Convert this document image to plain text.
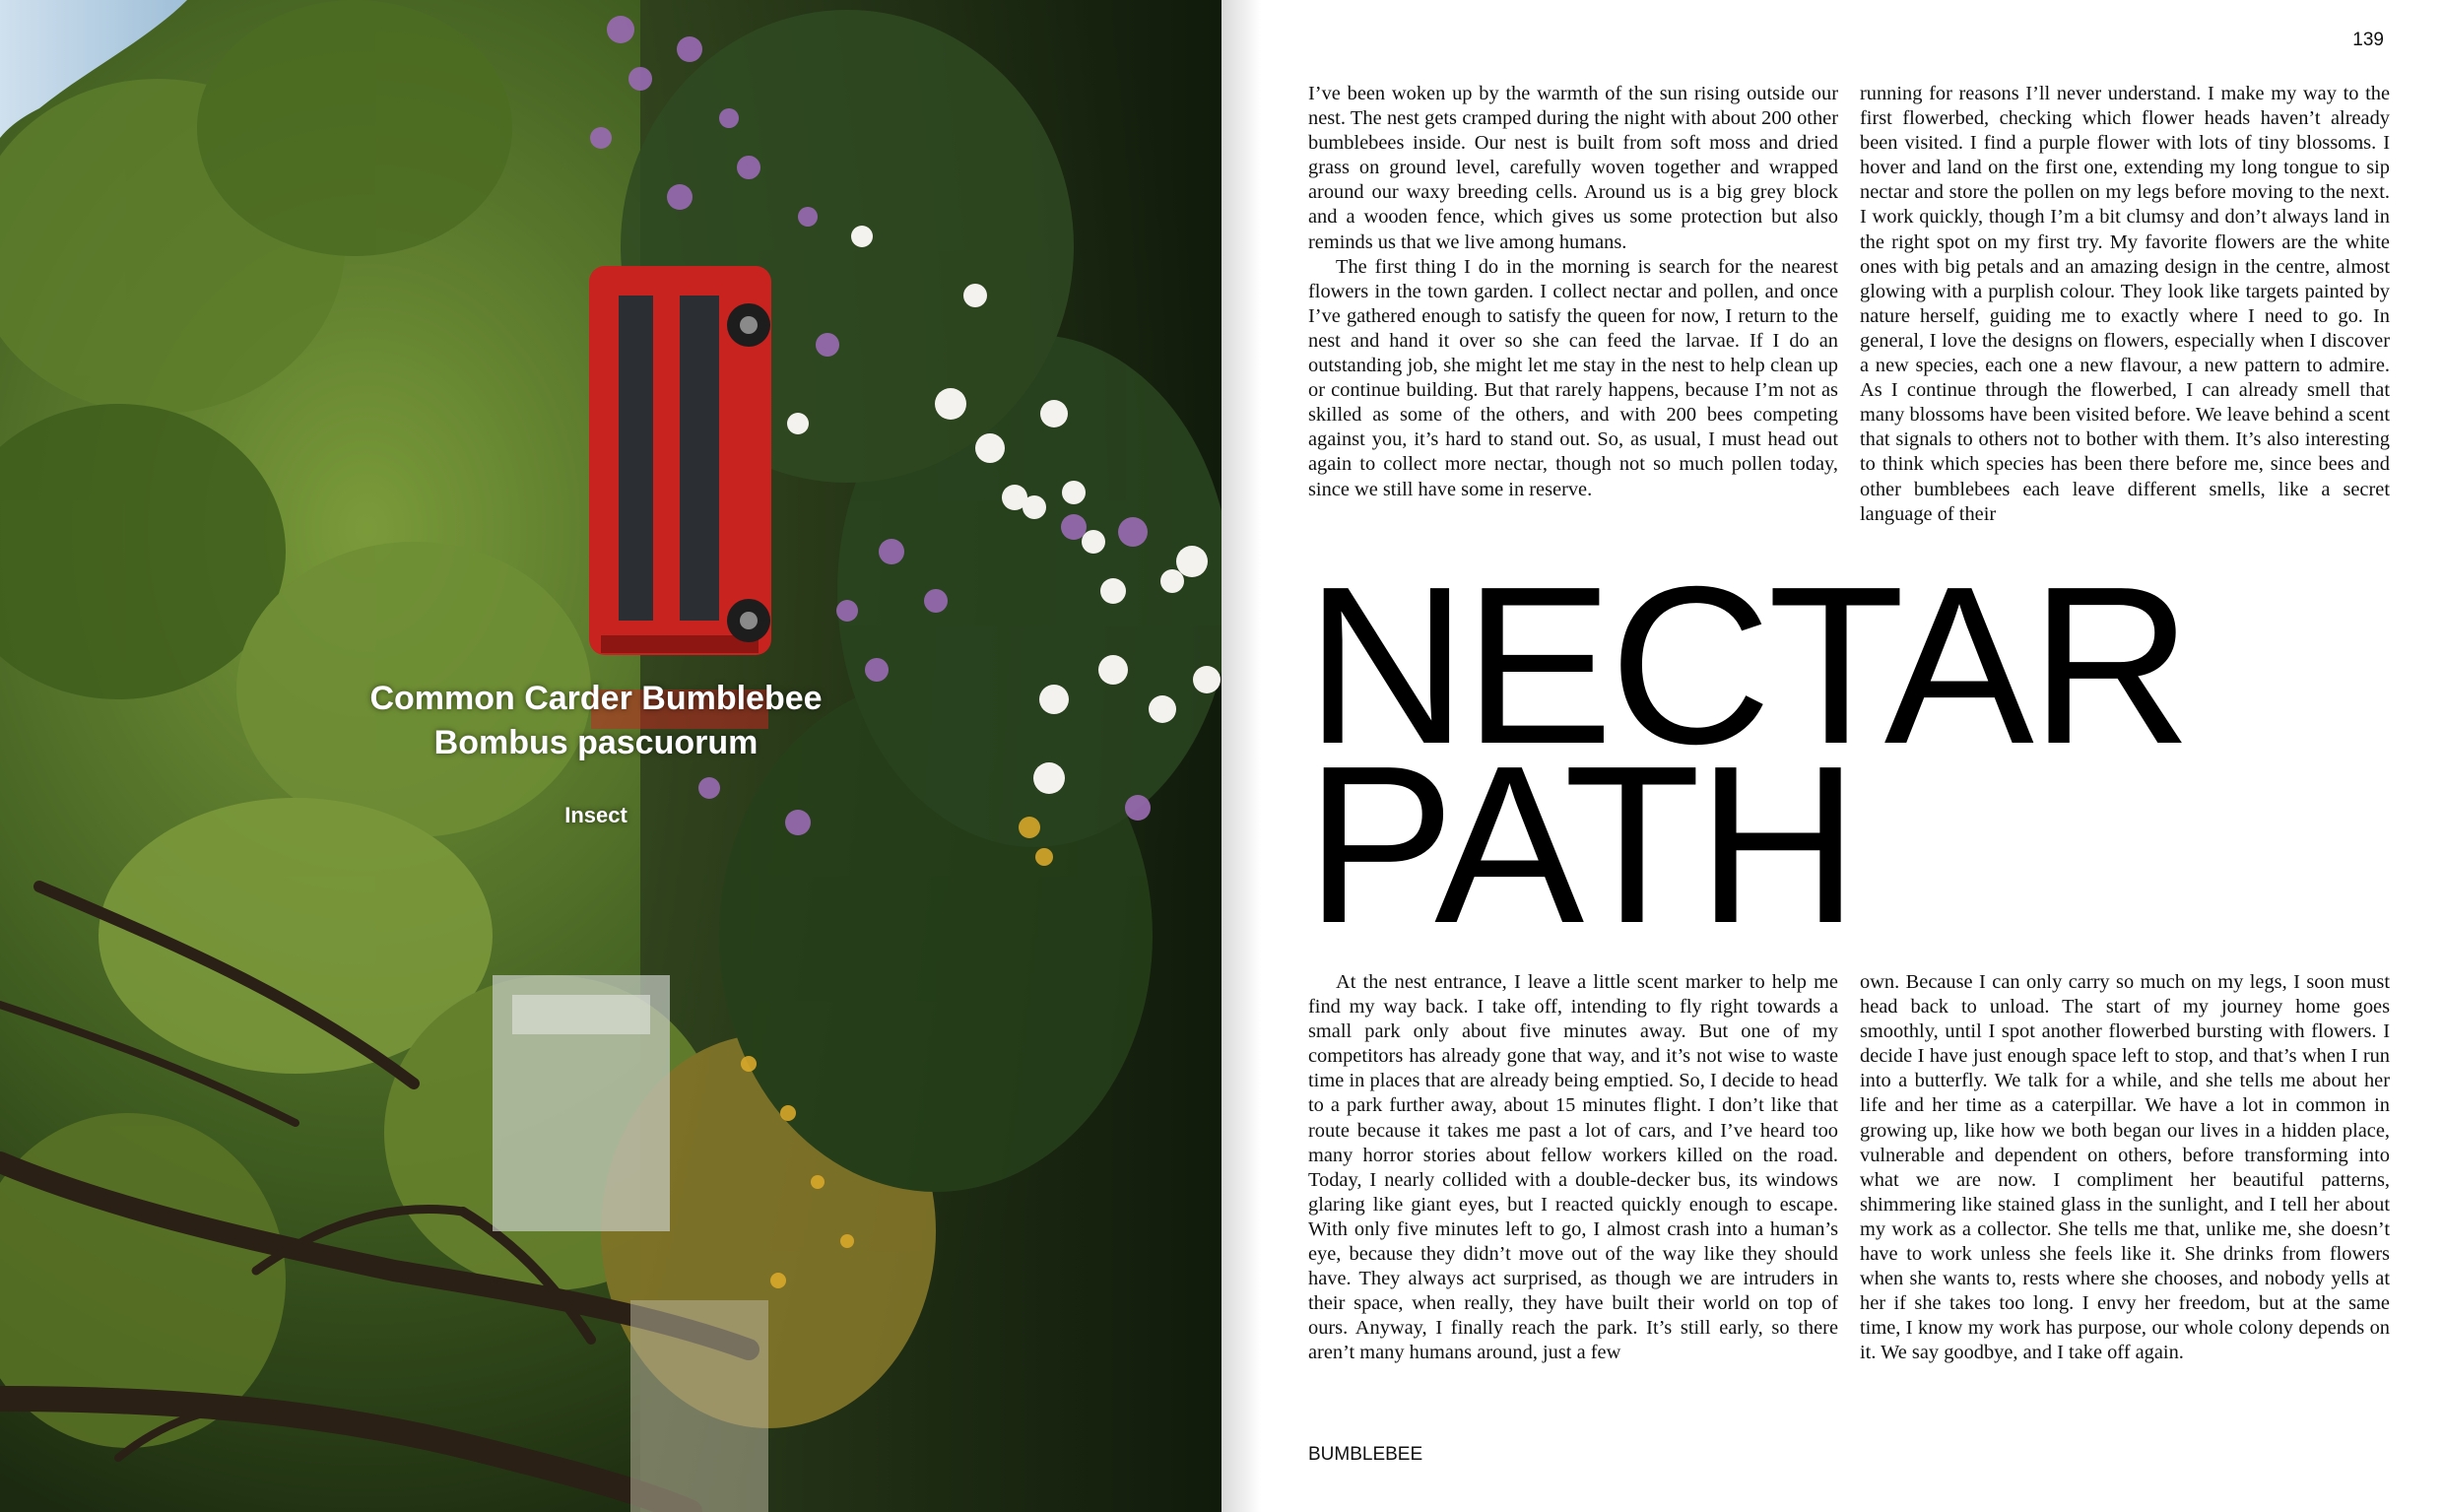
Common Carder Bumblebee
Bombus pascuorum
Insect
139

I’ve been woken up by the warmth of the sun rising outside our nest. The nest gets cramped during the night with about 200 other bumblebees inside. Our nest is built from soft moss and dried grass on ground level, carefully woven together and wrapped around our waxy breeding cells. Around us is a big grey block and a wooden fence, which gives us some protection but also reminds us that we live among humans.

The first thing I do in the morning is search for the nearest flowers in the town garden. I collect nectar and pollen, and once I’ve gathered enough to satisfy the queen for now, I return to the nest and hand it over so she can feed the larvae. If I do an outstanding job, she might let me stay in the nest to help clean up or continue building. But that rarely happens, because I’m not as skilled as some of the others, and with 200 bees competing against you, it’s hard to stand out. So, as usual, I must head out again to collect more nectar, though not so much pollen today, since we still have some in reserve.

running for reasons I’ll never understand. I make my way to the first flowerbed, checking which flower heads haven’t already been visited. I find a purple flower with lots of tiny blossoms. I hover and land on the first one, extending my long tongue to sip nectar and store the pollen on my legs before moving to the next. I work quickly, though I’m a bit clumsy and don’t always land in the right spot on my first try. My favorite flowers are the white ones with big petals and an amazing design in the centre, almost glowing with a purplish colour. They look like targets painted by nature herself, guiding me to exactly where I need to go. In general, I love the designs on flowers, especially when I discover a new species, each one a new flavour, a new pattern to admire. As I continue through the flowerbed, I can already smell that many blossoms have been visited before. We leave behind a scent that signals to others not to bother with them. It’s also interesting to think which species has been there before me, since bees and other bumblebees each leave different smells, like a secret language of their

NECTAR
PATH

At the nest entrance, I leave a little scent marker to help me find my way back. I take off, intending to fly right towards a small park only about five minutes away. But one of my competitors has already gone that way, and it’s not wise to waste time in places that are already being emptied. So, I decide to head to a park further away, about 15 minutes flight. I don’t like that route because it takes me past a lot of cars, and I’ve heard too many horror stories about fellow workers killed on the road. Today, I nearly collided with a double-decker bus, its windows glaring like giant eyes, but I reacted quickly enough to escape. With only five minutes left to go, I almost crash into a human’s eye, because they didn’t move out of the way like they should have. They always act surprised, as though we are intruders in their space, when really, they have built their world on top of ours. Anyway, I finally reach the park. It’s still early, so there aren’t many humans around, just a few

own. Because I can only carry so much on my legs, I soon must head back to unload. The start of my journey home goes smoothly, until I spot another flowerbed bursting with flowers. I decide I have just enough space left to stop, and that’s when I run into a butterfly. We talk for a while, and she tells me about her life and her time as a caterpillar. We have a lot in common in growing up, like how we both began our lives in a hidden place, vulnerable and dependent on others, before transforming into what we are now. I compliment her beautiful patterns, shimmering like stained glass in the sunlight, and I tell her about my work as a collector. She tells me that, unlike me, she doesn’t have to work unless she feels like it. She drinks from flowers when she wants to, rests where she chooses, and nobody yells at her if she takes too long. I envy her freedom, but at the same time, I know my work has purpose, our whole colony depends on it. We say goodbye, and I take off again.

BUMBLEBEE
